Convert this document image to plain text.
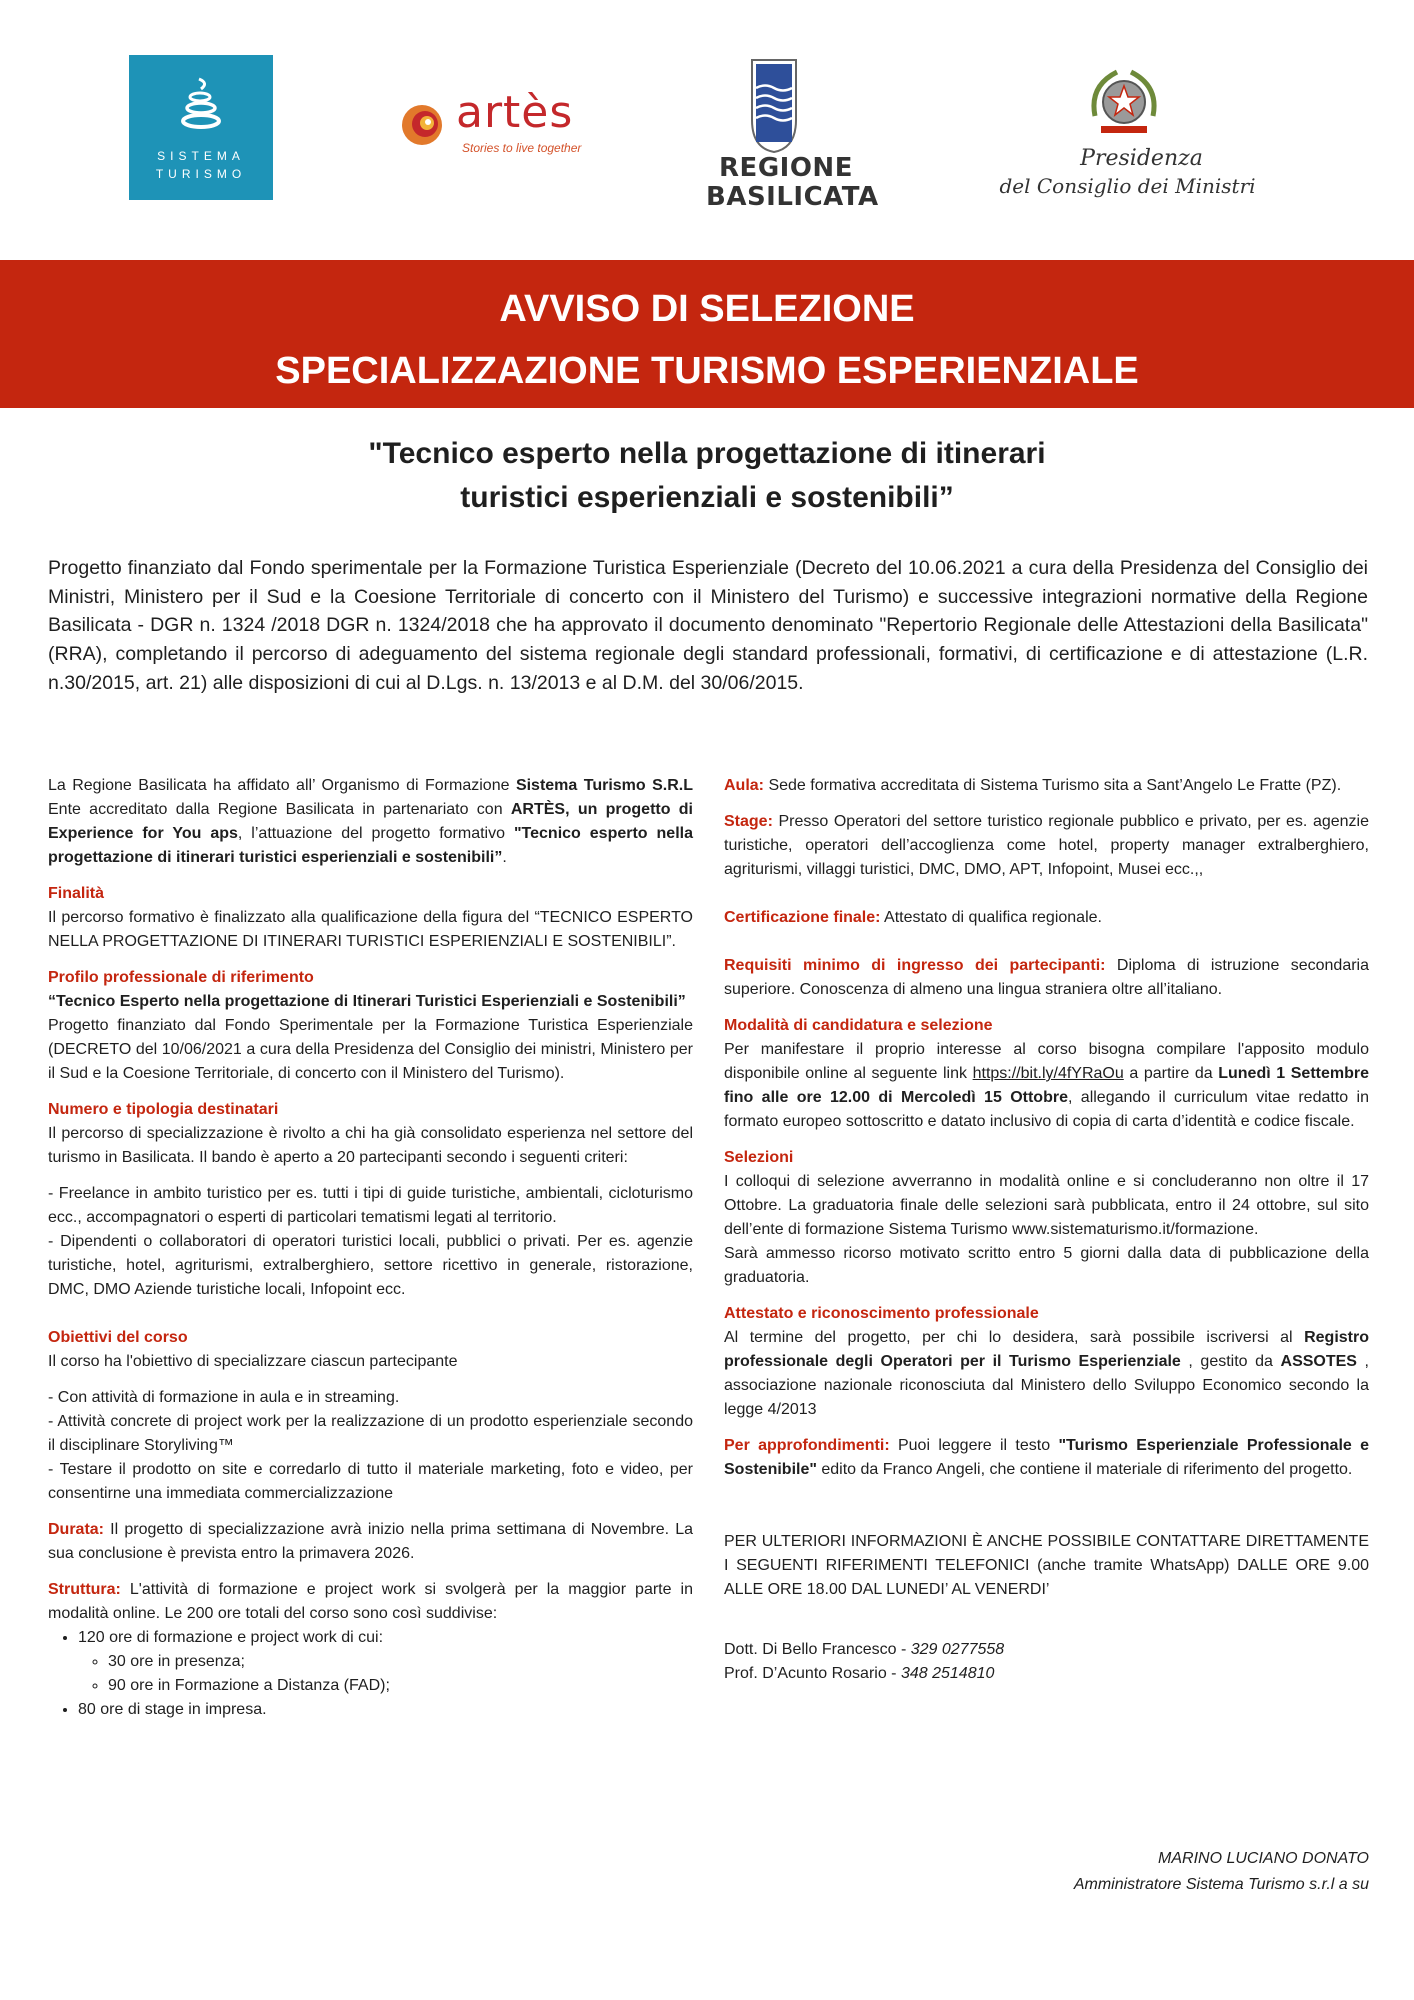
SISTEMA
TURISMO
artès
Stories to live together
REGIONE
BASILICATA
Presidenza
del Consiglio dei Ministri
AVVISO DI SELEZIONE
SPECIALIZZAZIONE TURISMO ESPERIENZIALE
"Tecnico esperto nella progettazione di itinerari
turistici esperienziali e sostenibili”
Progetto finanziato dal Fondo sperimentale per la Formazione Turistica Esperienziale (Decreto del 10.06.2021 a cura della Presidenza del Consiglio dei Ministri, Ministero per il Sud e la Coesione Territoriale di concerto con il Ministero del Turismo) e successive integrazioni normative della Regione Basilicata - DGR n. 1324 /2018 DGR n. 1324/2018 che ha approvato il documento denominato "Repertorio Regionale delle Attestazioni della Basilicata" (RRA), completando il percorso di adeguamento del sistema regionale degli standard professionali, formativi, di certificazione e di attestazione (L.R. n.30/2015, art. 21) alle disposizioni di cui al D.Lgs. n. 13/2013 e al D.M. del 30/06/2015.

La Regione Basilicata ha affidato all’ Organismo di Formazione Sistema Turismo S.R.L Ente accreditato dalla Regione Basilicata in partenariato con ARTÈS, un progetto di Experience for You aps, l’attuazione del progetto formativo "Tecnico esperto nella progettazione di itinerari turistici esperienziali e sostenibili”.

Finalità

Il percorso formativo è finalizzato alla qualificazione della figura del “TECNICO ESPERTO NELLA PROGETTAZIONE DI ITINERARI TURISTICI ESPERIENZIALI E SOSTENIBILI”.

Profilo professionale di riferimento

“Tecnico Esperto nella progettazione di Itinerari Turistici Esperienziali e Sostenibili”

Progetto finanziato dal Fondo Sperimentale per la Formazione Turistica Esperienziale (DECRETO del 10/06/2021 a cura della Presidenza del Consiglio dei ministri, Ministero per il Sud e la Coesione Territoriale, di concerto con il Ministero del Turismo).

Numero e tipologia destinatari

Il percorso di specializzazione è rivolto a chi ha già consolidato esperienza nel settore del turismo in Basilicata. Il bando è aperto a 20 partecipanti secondo i seguenti criteri:

- Freelance in ambito turistico per es. tutti i tipi di guide turistiche, ambientali, cicloturismo ecc., accompagnatori o esperti di particolari tematismi legati al territorio.

- Dipendenti o collaboratori di operatori turistici locali, pubblici o privati. Per es. agenzie turistiche, hotel, agriturismi, extralberghiero, settore ricettivo in generale, ristorazione, DMC, DMO Aziende turistiche locali, Infopoint ecc.

Obiettivi del corso

Il corso ha l'obiettivo di specializzare ciascun partecipante

- Con attività di formazione in aula e in streaming.

- Attività concrete di project work per la realizzazione di un prodotto esperienziale secondo il disciplinare Storyliving™

- Testare il prodotto on site e corredarlo di tutto il materiale marketing, foto e video, per consentirne una immediata commercializzazione

Durata: Il progetto di specializzazione avrà inizio nella prima settimana di Novembre. La sua conclusione è prevista entro la primavera 2026.

Struttura: L'attività di formazione e project work si svolgerà per la maggior parte in modalità online. Le 200 ore totali del corso sono così suddivise:

• 120 ore di formazione e project work di cui:
◦ 30 ore in presenza;
◦ 90 ore in Formazione a Distanza (FAD);
• 80 ore di stage in impresa.

Aula: Sede formativa accreditata di Sistema Turismo sita a Sant’Angelo Le Fratte (PZ).

Stage: Presso Operatori del settore turistico regionale pubblico e privato, per es. agenzie turistiche, operatori dell’accoglienza come hotel, property manager extralberghiero, agriturismi, villaggi turistici, DMC, DMO, APT, Infopoint, Musei ecc.,,

Certificazione finale: Attestato di qualifica regionale.

Requisiti minimo di ingresso dei partecipanti: Diploma di istruzione secondaria superiore. Conoscenza di almeno una lingua straniera oltre all’italiano.

Modalità di candidatura e selezione

Per manifestare il proprio interesse al corso bisogna compilare l'apposito modulo disponibile online al seguente link https://bit.ly/4fYRaOu a partire da Lunedì 1 Settembre fino alle ore 12.00 di Mercoledì 15 Ottobre, allegando il curriculum vitae redatto in formato europeo sottoscritto e datato inclusivo di copia di carta d’identità e codice fiscale.

Selezioni

I colloqui di selezione avverranno in modalità online e si concluderanno non oltre il 17 Ottobre. La graduatoria finale delle selezioni sarà pubblicata, entro il 24 ottobre, sul sito dell’ente di formazione Sistema Turismo www.sistematurismo.it/formazione.

Sarà ammesso ricorso motivato scritto entro 5 giorni dalla data di pubblicazione della graduatoria.

Attestato e riconoscimento professionale

Al termine del progetto, per chi lo desidera, sarà possibile iscriversi al Registro professionale degli Operatori per il Turismo Esperienziale , gestito da ASSOTES , associazione nazionale riconosciuta dal Ministero dello Sviluppo Economico secondo la legge 4/2013

Per approfondimenti: Puoi leggere il testo "Turismo Esperienziale Professionale e Sostenibile" edito da Franco Angeli, che contiene il materiale di riferimento del progetto.

PER ULTERIORI INFORMAZIONI È ANCHE POSSIBILE CONTATTARE DIRETTAMENTE I SEGUENTI RIFERIMENTI TELEFONICI (anche tramite WhatsApp) DALLE ORE 9.00 ALLE ORE 18.00 DAL LUNEDI’ AL VENERDI’

Dott. Di Bello Francesco - 329 0277558

Prof. D’Acunto Rosario - 348 2514810

MARINO LUCIANO DONATO
Amministratore Sistema Turismo s.r.l a su
